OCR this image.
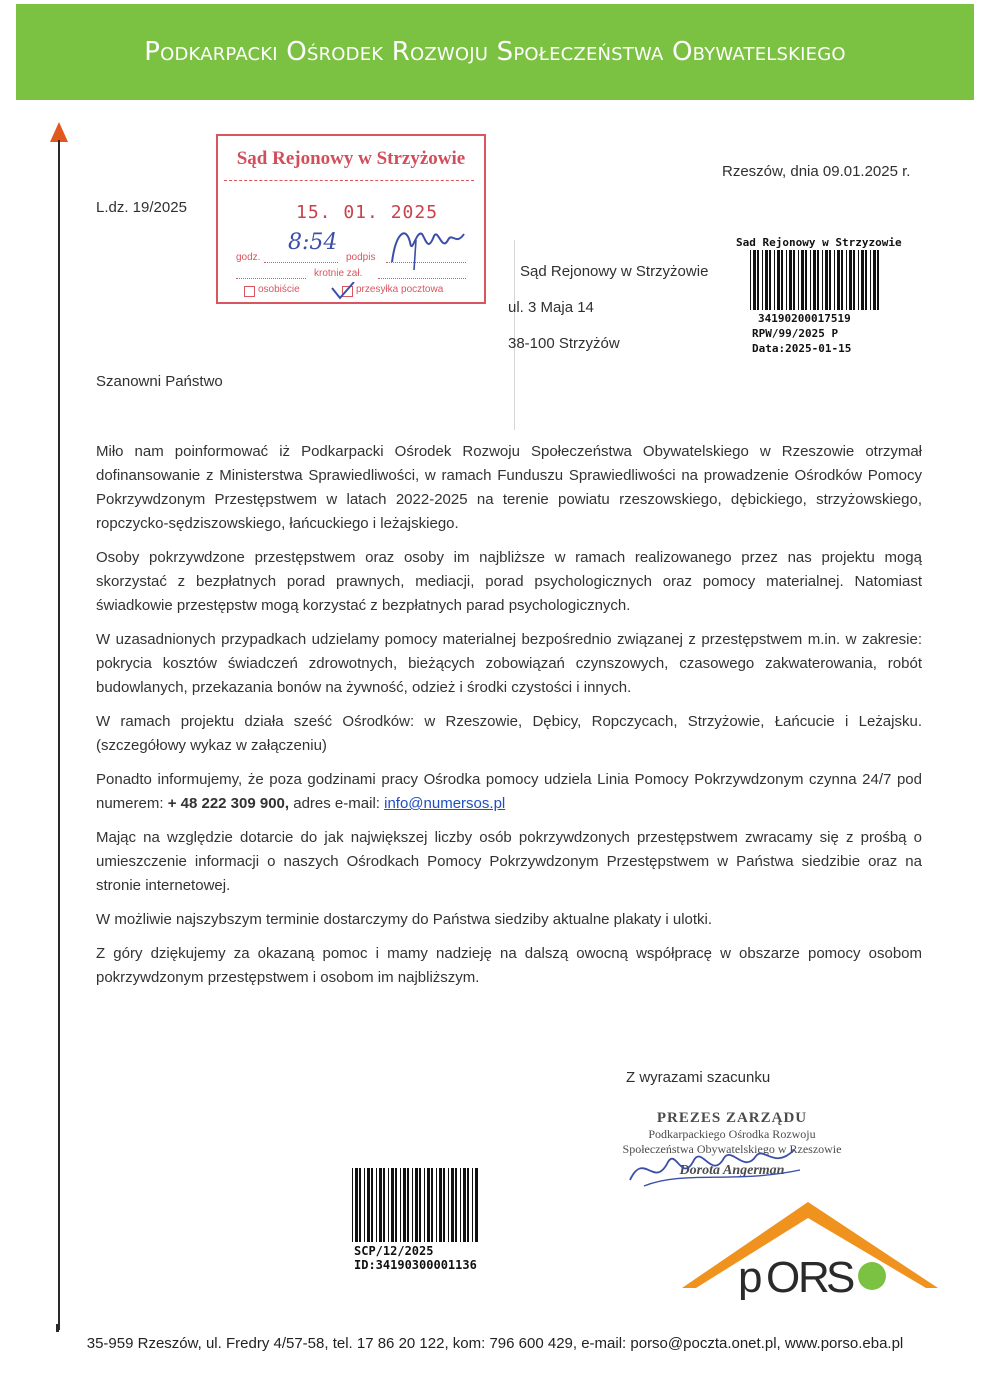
Podkarpacki Ośrodek Rozwoju Społeczeństwa Obywatelskiego
L.dz. 19/2025
Rzeszów, dnia 09.01.2025 r.
Sąd Rejonowy w Strzyżowie
15. 01. 2025
godz.	podpis
krotnie zał.
osobiście	przesyłka pocztowa
8:54
Sąd Rejonowy w Strzyżowie
ul. 3 Maja 14
38-100 Strzyżów
Sad Rejonowy w Strzyzowie
34190200017519
RPW/99/2025 P
Data:2025-01-15
Szanowni Państwo

Miło nam poinformować iż Podkarpacki Ośrodek Rozwoju Społeczeństwa Obywatelskiego w Rzeszowie otrzymał dofinansowanie z Ministerstwa Sprawiedliwości, w ramach Funduszu Sprawiedliwości na prowadzenie Ośrodków Pomocy Pokrzywdzonym Przestępstwem w latach 2022-2025 na terenie powiatu rzeszowskiego, dębickiego, strzyżowskiego, ropczycko-sędziszowskiego, łańcuckiego i leżajskiego.

Osoby pokrzywdzone przestępstwem oraz osoby im najbliższe w ramach realizowanego przez nas projektu mogą skorzystać z bezpłatnych porad prawnych, mediacji, porad psychologicznych oraz pomocy materialnej. Natomiast świadkowie przestępstw mogą korzystać z bezpłatnych parad psychologicznych.

W uzasadnionych przypadkach udzielamy pomocy materialnej bezpośrednio związanej z przestępstwem m.in. w zakresie: pokrycia kosztów świadczeń zdrowotnych, bieżących zobowiązań czynszowych, czasowego zakwaterowania, robót budowlanych, przekazania bonów na żywność, odzież i środki czystości i innych.

W ramach projektu działa sześć Ośrodków: w Rzeszowie, Dębicy, Ropczycach, Strzyżowie, Łańcucie i Leżajsku. (szczegółowy wykaz w załączeniu)

Ponadto informujemy, że poza godzinami pracy Ośrodka pomocy udziela Linia Pomocy Pokrzywdzonym czynna 24/7 pod numerem: + 48 222 309 900, adres e-mail: info@numersos.pl

Mając na względzie dotarcie do jak największej liczby osób pokrzywdzonych przestępstwem zwracamy się z prośbą o umieszczenie informacji o naszych Ośrodkach Pomocy Pokrzywdzonym Przestępstwem w Państwa siedzibie oraz na stronie internetowej.

W możliwie najszybszym terminie dostarczymy do Państwa siedziby aktualne plakaty i ulotki.

Z góry dziękujemy za okazaną pomoc i mamy nadzieję na dalszą owocną współpracę w obszarze pomocy osobom pokrzywdzonym przestępstwem i osobom im najbliższym.

Z wyrazami szacunku
PREZES ZARZĄDU
Podkarpackiego Ośrodka Rozwoju
Społeczeństwa Obywatelskiego w Rzeszowie
Dorota Angerman
SCP/12/2025
ID:34190300001136	p O
R
S
35-959 Rzeszów, ul. Fredry 4/57-58, tel. 17 86 20 122, kom: 796 600 429, e-mail: porso@poczta.onet.pl, www.porso.eba.pl
